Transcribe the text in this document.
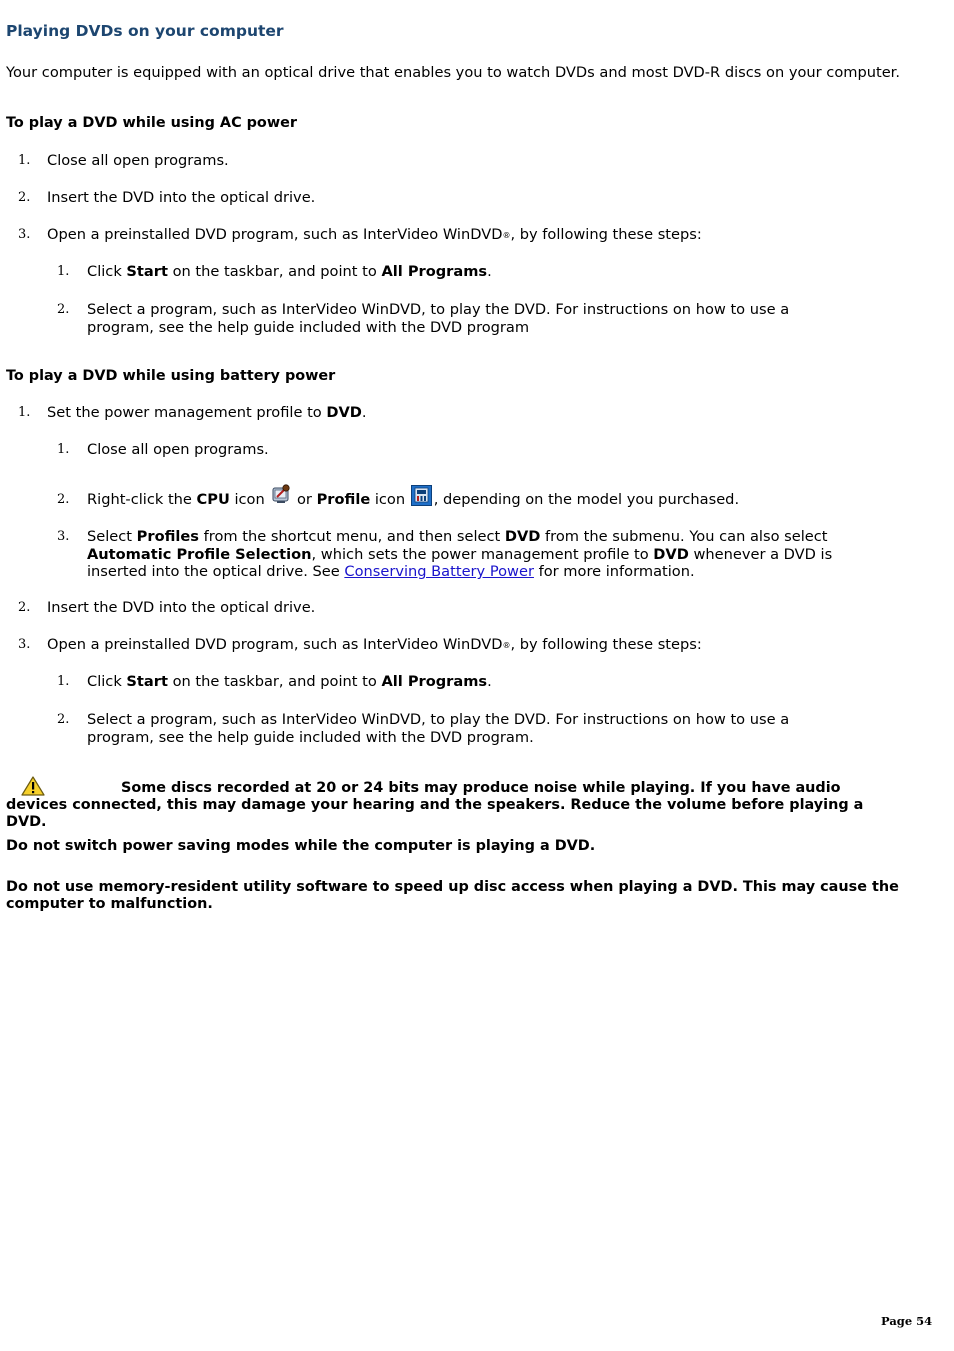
Playing DVDs on your computer
Your computer is equipped with an optical drive that enables you to watch DVDs and most DVD-R discs on your computer.
To play a DVD while using AC power
1. Close all open programs.
2. Insert the DVD into the optical drive.
3. Open a preinstalled DVD program, such as InterVideo WinDVD®, by following these steps:
1. Click Start on the taskbar, and point to All Programs.
2. Select a program, such as InterVideo WinDVD, to play the DVD. For instructions on how to use a
program, see the help guide included with the DVD program
To play a DVD while using battery power
1. Set the power management profile to DVD.
1. Close all open programs.
2. Right-click the CPU icon  or Profile icon , depending on the model you purchased.
3. Select Profiles from the shortcut menu, and then select DVD from the submenu. You can also select
Automatic Profile Selection, which sets the power management profile to DVD whenever a DVD is
inserted into the optical drive. See Conserving Battery Power for more information.
2. Insert the DVD into the optical drive.
3. Open a preinstalled DVD program, such as InterVideo WinDVD®, by following these steps:
1. Click Start on the taskbar, and point to All Programs.
2. Select a program, such as InterVideo WinDVD, to play the DVD. For instructions on how to use a
program, see the help guide included with the DVD program.
Some discs recorded at 20 or 24 bits may produce noise while playing. If you have audio devices connected, this may damage your hearing and the speakers. Reduce the volume before playing a DVD.
Do not switch power saving modes while the computer is playing a DVD.
Do not use memory-resident utility software to speed up disc access when playing a DVD. This may cause the computer to malfunction.
Page 54
